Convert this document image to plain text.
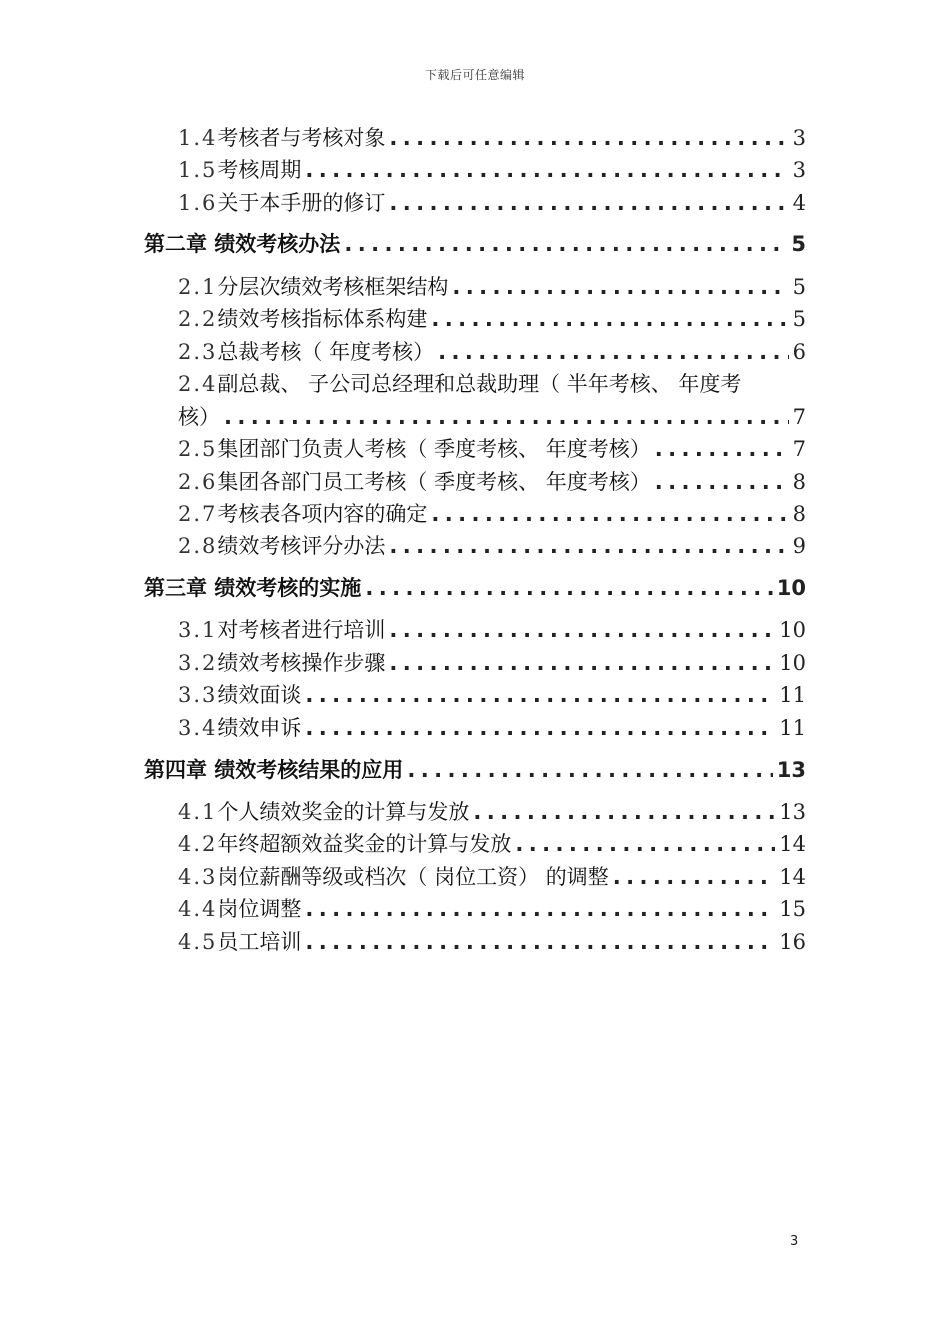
下载后可任意编辑
1.4 考核者与考核对象 .....	3
1.5 考核周期 .....	3
1.6 关于本手册的修订 .....	4
第二章 绩效考核办法 .....	5
2.1 分层次绩效考核框架结构 .....	5
2.2 绩效考核指标体系构建 .....	5
2.3 总裁考核（ 年度考核） .....	6
2.4副总裁、 子公司总经理和总裁助理（ 半年考核、 年度考
核） .....	7
2.5 集团部门负责人考核（ 季度考核、 年度考核） .....	7
2.6 集团各部门员工考核（ 季度考核、 年度考核） .....	8
2.7 考核表各项内容的确定 .....	8
2.8 绩效考核评分办法 .....	9
第三章 绩效考核的实施 .....	10
3.1 对考核者进行培训 .....	10
3.2 绩效考核操作步骤 .....	10
3.3 绩效面谈 .....	11
3.4 绩效申诉 .....	11
第四章 绩效考核结果的应用 .....	13
4.1 个人绩效奖金的计算与发放 .....	13
4.2 年终超额效益奖金的计算与发放 .....	14
4.3 岗位薪酬等级或档次（ 岗位工资） 的调整 .....	14
4.4 岗位调整 .....	15
4.5 员工培训 .....	16
3
